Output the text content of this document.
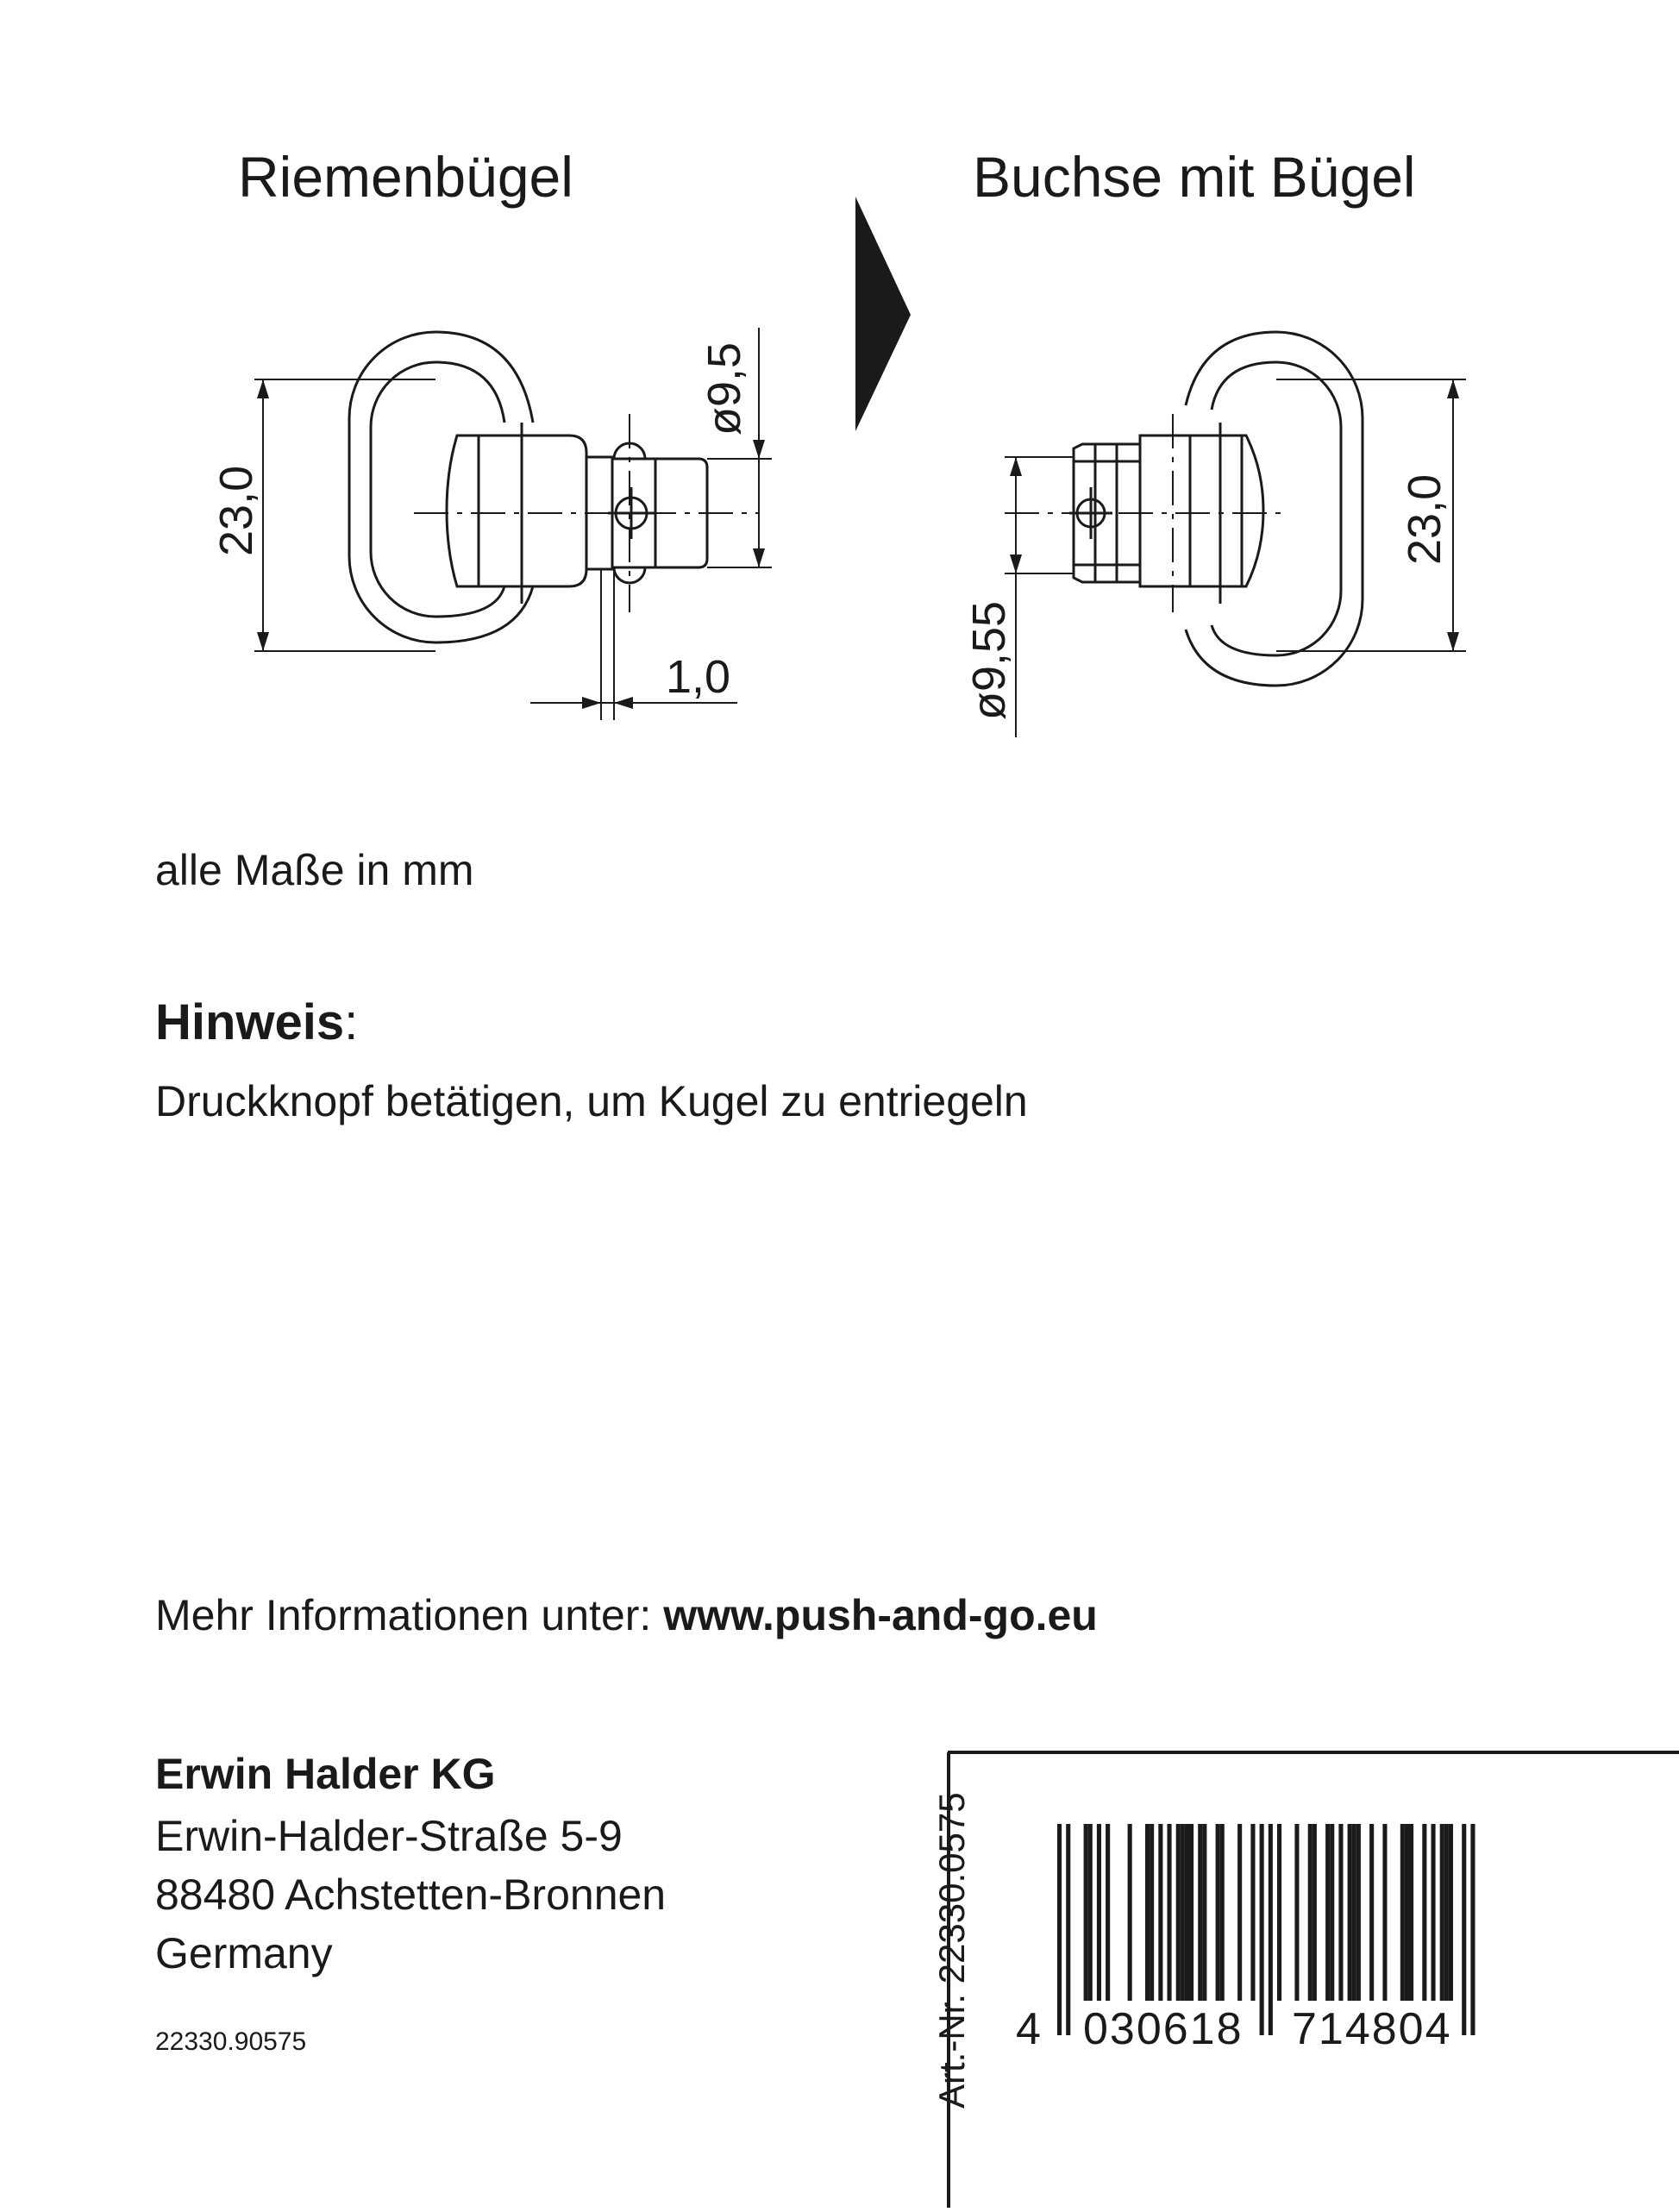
23,0
ø9,5
1,0
23,0
ø9,55
Riemenbügel	Buchse mit Bügel
alle Maße in mm
Hinweis:
Druckknopf betätigen, um Kugel zu entriegeln
Mehr Informationen unter: www.push-and-go.eu
Erwin Halder KG
Erwin-Halder-Straße 5-9
88480 Achstetten-Bronnen
Germany
22330.90575	Art.-Nr. 22330.0575 4 030618 714804
